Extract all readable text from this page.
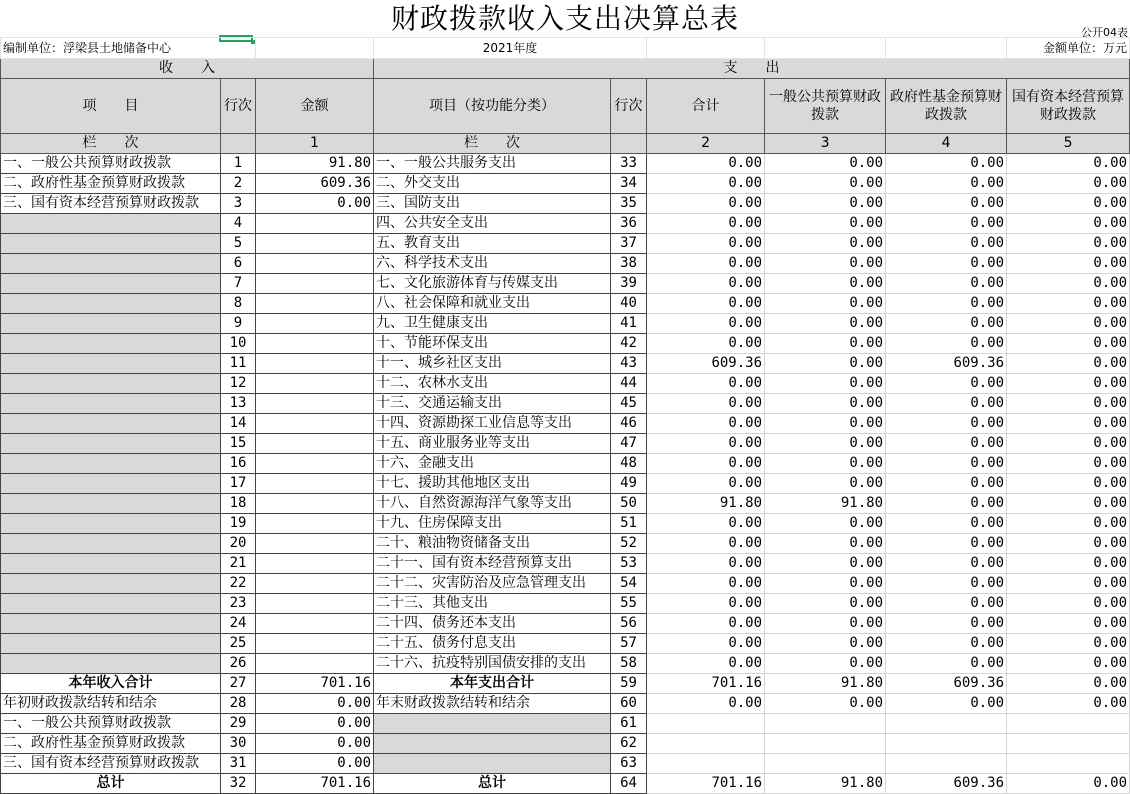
财政拨款收入支出决算总表	公开04表
编制单位：浮梁县土地储备中心			2021年度					金额单位：万元
收　　入			支　　出					
项　　目	行次	金额	项目（按功能分类）	行次	合计	一般公共预算财政拨款	政府性基金预算财政拨款	国有资本经营预算财政拨款
栏　　次		1	栏　　次		2	3	4	5
一、一般公共预算财政拨款	1	91.80	一、一般公共服务支出	33	0.00	0.00	0.00	0.00
二、政府性基金预算财政拨款	2	609.36	二、外交支出	34	0.00	0.00	0.00	0.00
三、国有资本经营预算财政拨款	3	0.00	三、国防支出	35	0.00	0.00	0.00	0.00
	4		四、公共安全支出	36	0.00	0.00	0.00	0.00
	5		五、教育支出	37	0.00	0.00	0.00	0.00
	6		六、科学技术支出	38	0.00	0.00	0.00	0.00
	7		七、文化旅游体育与传媒支出	39	0.00	0.00	0.00	0.00
	8		八、社会保障和就业支出	40	0.00	0.00	0.00	0.00
	9		九、卫生健康支出	41	0.00	0.00	0.00	0.00
	10		十、节能环保支出	42	0.00	0.00	0.00	0.00
	11		十一、城乡社区支出	43	609.36	0.00	609.36	0.00
	12		十二、农林水支出	44	0.00	0.00	0.00	0.00
	13		十三、交通运输支出	45	0.00	0.00	0.00	0.00
	14		十四、资源勘探工业信息等支出	46	0.00	0.00	0.00	0.00
	15		十五、商业服务业等支出	47	0.00	0.00	0.00	0.00
	16		十六、金融支出	48	0.00	0.00	0.00	0.00
	17		十七、援助其他地区支出	49	0.00	0.00	0.00	0.00
	18		十八、自然资源海洋气象等支出	50	91.80	91.80	0.00	0.00
	19		十九、住房保障支出	51	0.00	0.00	0.00	0.00
	20		二十、粮油物资储备支出	52	0.00	0.00	0.00	0.00
	21		二十一、国有资本经营预算支出	53	0.00	0.00	0.00	0.00
	22		二十二、灾害防治及应急管理支出	54	0.00	0.00	0.00	0.00
	23		二十三、其他支出	55	0.00	0.00	0.00	0.00
	24		二十四、债务还本支出	56	0.00	0.00	0.00	0.00
	25		二十五、债务付息支出	57	0.00	0.00	0.00	0.00
	26		二十六、抗疫特别国债安排的支出	58	0.00	0.00	0.00	0.00
本年收入合计	27	701.16	本年支出合计	59	701.16	91.80	609.36	0.00
年初财政拨款结转和结余	28	0.00	年末财政拨款结转和结余	60	0.00	0.00	0.00	0.00
一、一般公共预算财政拨款	29	0.00		61				
二、政府性基金预算财政拨款	30	0.00		62				
三、国有资本经营预算财政拨款	31	0.00		63				
总计	32	701.16	总计	64	701.16	91.80	609.36	0.00
